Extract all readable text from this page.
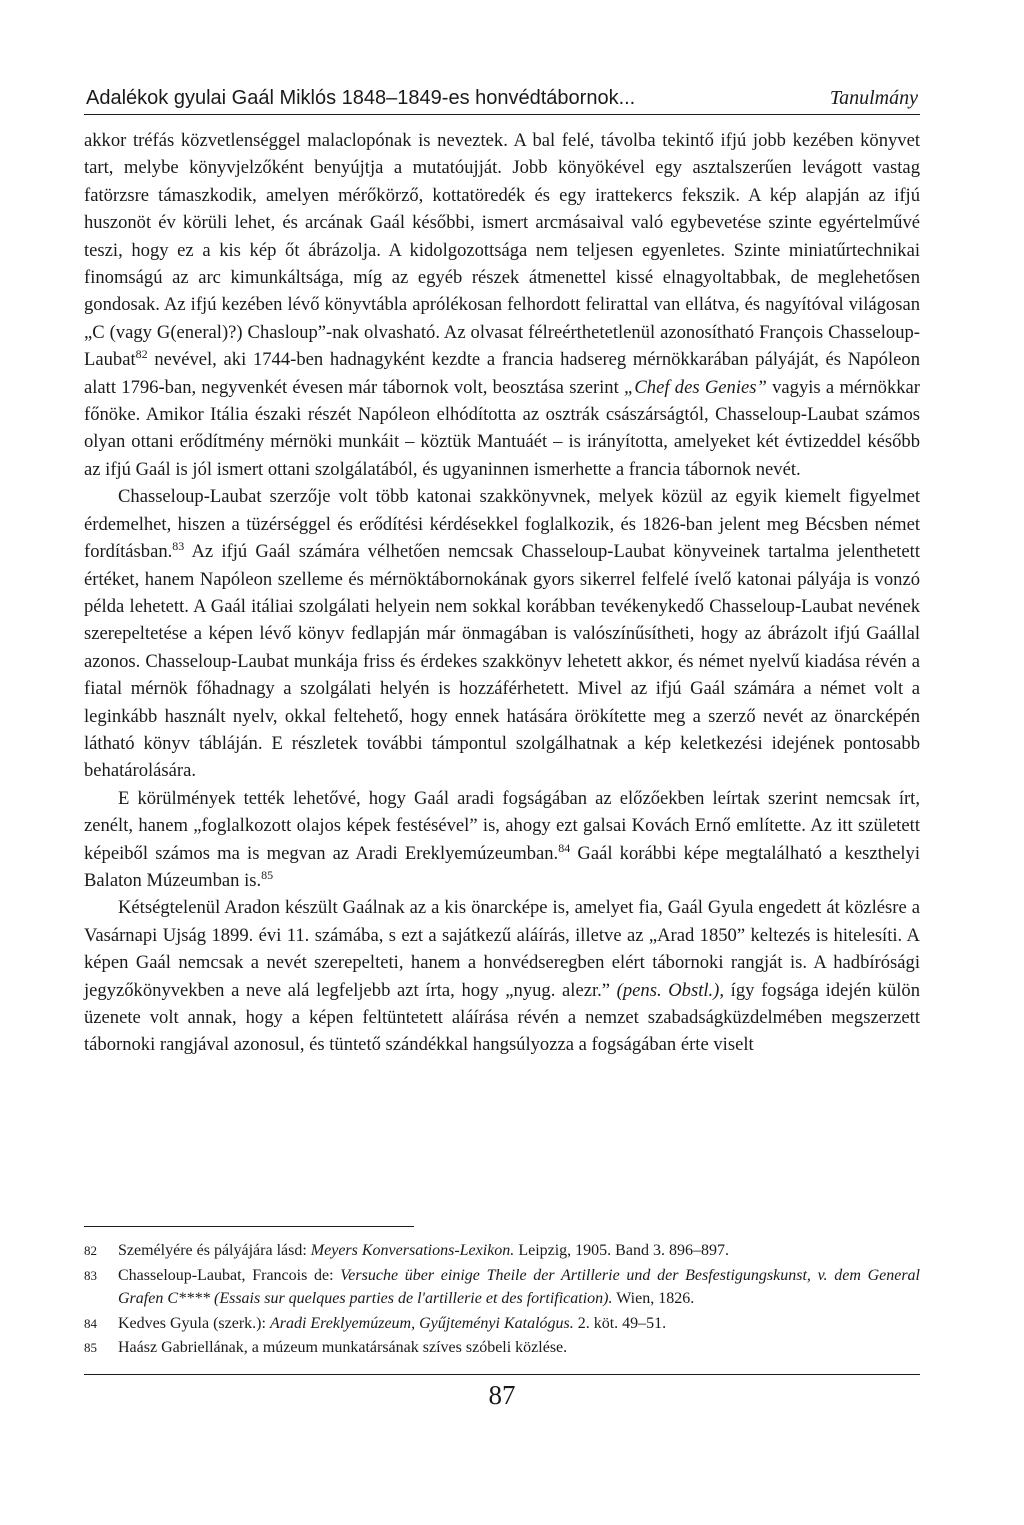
Adalékok gyulai Gaál Miklós 1848–1849-es honvédtábornok...	Tanulmány

akkor tréfás közvetlenséggel malaclopónak is neveztek. A bal felé, távolba tekintő ifjú jobb kezében könyvet tart, melybe könyvjelzőként benyújtja a mutatóujját. Jobb könyökével egy asztalszerűen levágott vastag fatörzsre támaszkodik, amelyen mérőkörző, kottatöredék és egy irattekercs fekszik. A kép alapján az ifjú huszonöt év körüli lehet, és arcának Gaál későbbi, ismert arcmásaival való egybevetése szinte egyértelművé teszi, hogy ez a kis kép őt ábrázolja. A kidolgozottsága nem teljesen egyenletes. Szinte miniatűrtechnikai finomságú az arc kimunkáltsága, míg az egyéb részek átmenettel kissé elnagyoltabbak, de meglehetősen gondosak. Az ifjú kezében lévő könyvtábla aprólékosan felhordott felirattal van ellátva, és nagyítóval világosan „C (vagy G(eneral)?) Chasloup”-nak olvasható. Az olvasat félreérthetetlenül azonosítható François Chasseloup-Laubat$^{82}$ nevével, aki 1744-ben hadnagyként kezdte a francia hadsereg mérnökkarában pályáját, és Napóleon alatt 1796-ban, negyvenkét évesen már tábornok volt, beosztása szerint „Chef des Genies” vagyis a mérnökkar főnöke. Amikor Itália északi részét Napóleon elhódította az osztrák császárságtól, Chasseloup-Laubat számos olyan ottani erődítmény mérnöki munkáit – köztük Mantuáét – is irányította, amelyeket két évtizeddel később az ifjú Gaál is jól ismert ottani szolgálatából, és ugyaninnen ismerhette a francia tábornok nevét.

Chasseloup-Laubat szerzője volt több katonai szakkönyvnek, melyek közül az egyik kiemelt figyelmet érdemelhet, hiszen a tüzérséggel és erődítési kérdésekkel foglalkozik, és 1826-ban jelent meg Bécsben német fordításban.$^{83}$ Az ifjú Gaál számára vélhetően nemcsak Chasseloup-Laubat könyveinek tartalma jelenthetett értéket, hanem Napóleon szelleme és mérnöktábornokának gyors sikerrel felfelé ívelő katonai pályája is vonzó példa lehetett. A Gaál itáliai szolgálati helyein nem sokkal korábban tevékenykedő Chasseloup-Laubat nevének szerepeltetése a képen lévő könyv fedlapján már önmagában is valószínűsítheti, hogy az ábrázolt ifjú Gaállal azonos. Chasseloup-Laubat munkája friss és érdekes szakkönyv lehetett akkor, és német nyelvű kiadása révén a fiatal mérnök főhadnagy a szolgálati helyén is hozzáférhetett. Mivel az ifjú Gaál számára a német volt a leginkább használt nyelv, okkal feltehető, hogy ennek hatására örökítette meg a szerző nevét az önarcképén látható könyv tábláján. E részletek további támpontul szolgálhatnak a kép keletkezési idejének pontosabb behatárolására.

E körülmények tették lehetővé, hogy Gaál aradi fogságában az előzőekben leírtak szerint nemcsak írt, zenélt, hanem „foglalkozott olajos képek festésével” is, ahogy ezt galsai Kovách Ernő említette. Az itt született képeiből számos ma is megvan az Aradi Ereklyemúzeumban.$^{84}$ Gaál korábbi képe megtalálható a keszthelyi Balaton Múzeumban is.$^{85}$

Kétségtelenül Aradon készült Gaálnak az a kis önarcképe is, amelyet fia, Gaál Gyula engedett át közlésre a Vasárnapi Ujság 1899. évi 11. számába, s ezt a sajátkezű aláírás, illetve az „Arad 1850” keltezés is hitelesíti. A képen Gaál nemcsak a nevét szerepelteti, hanem a honvédseregben elért tábornoki rangját is. A hadbírósági jegyzőkönyvekben a neve alá legfeljebb azt írta, hogy „nyug. alezr.” (pens. Obstl.), így fogsága idején külön üzenete volt annak, hogy a képen feltüntetett aláírása révén a nemzet szabadságküzdelmében megszerzett tábornoki rangjával azonosul, és tüntető szándékkal hangsúlyozza a fogságában érte viselt

82 Személyére és pályájára lásd: Meyers Konversations-Lexikon. Leipzig, 1905. Band 3. 896–897.
83 Chasseloup-Laubat, Francois de: Versuche über einige Theile der Artillerie und der Besfestigungskunst, v. dem General Grafen C**** (Essais sur quelques parties de l'artillerie et des fortification). Wien, 1826.
84 Kedves Gyula (szerk.): Aradi Ereklyemúzeum, Gyűjteményi Katalógus. 2. köt. 49–51.
85 Haász Gabriellának, a múzeum munkatársának szíves szóbeli közlése.
87
